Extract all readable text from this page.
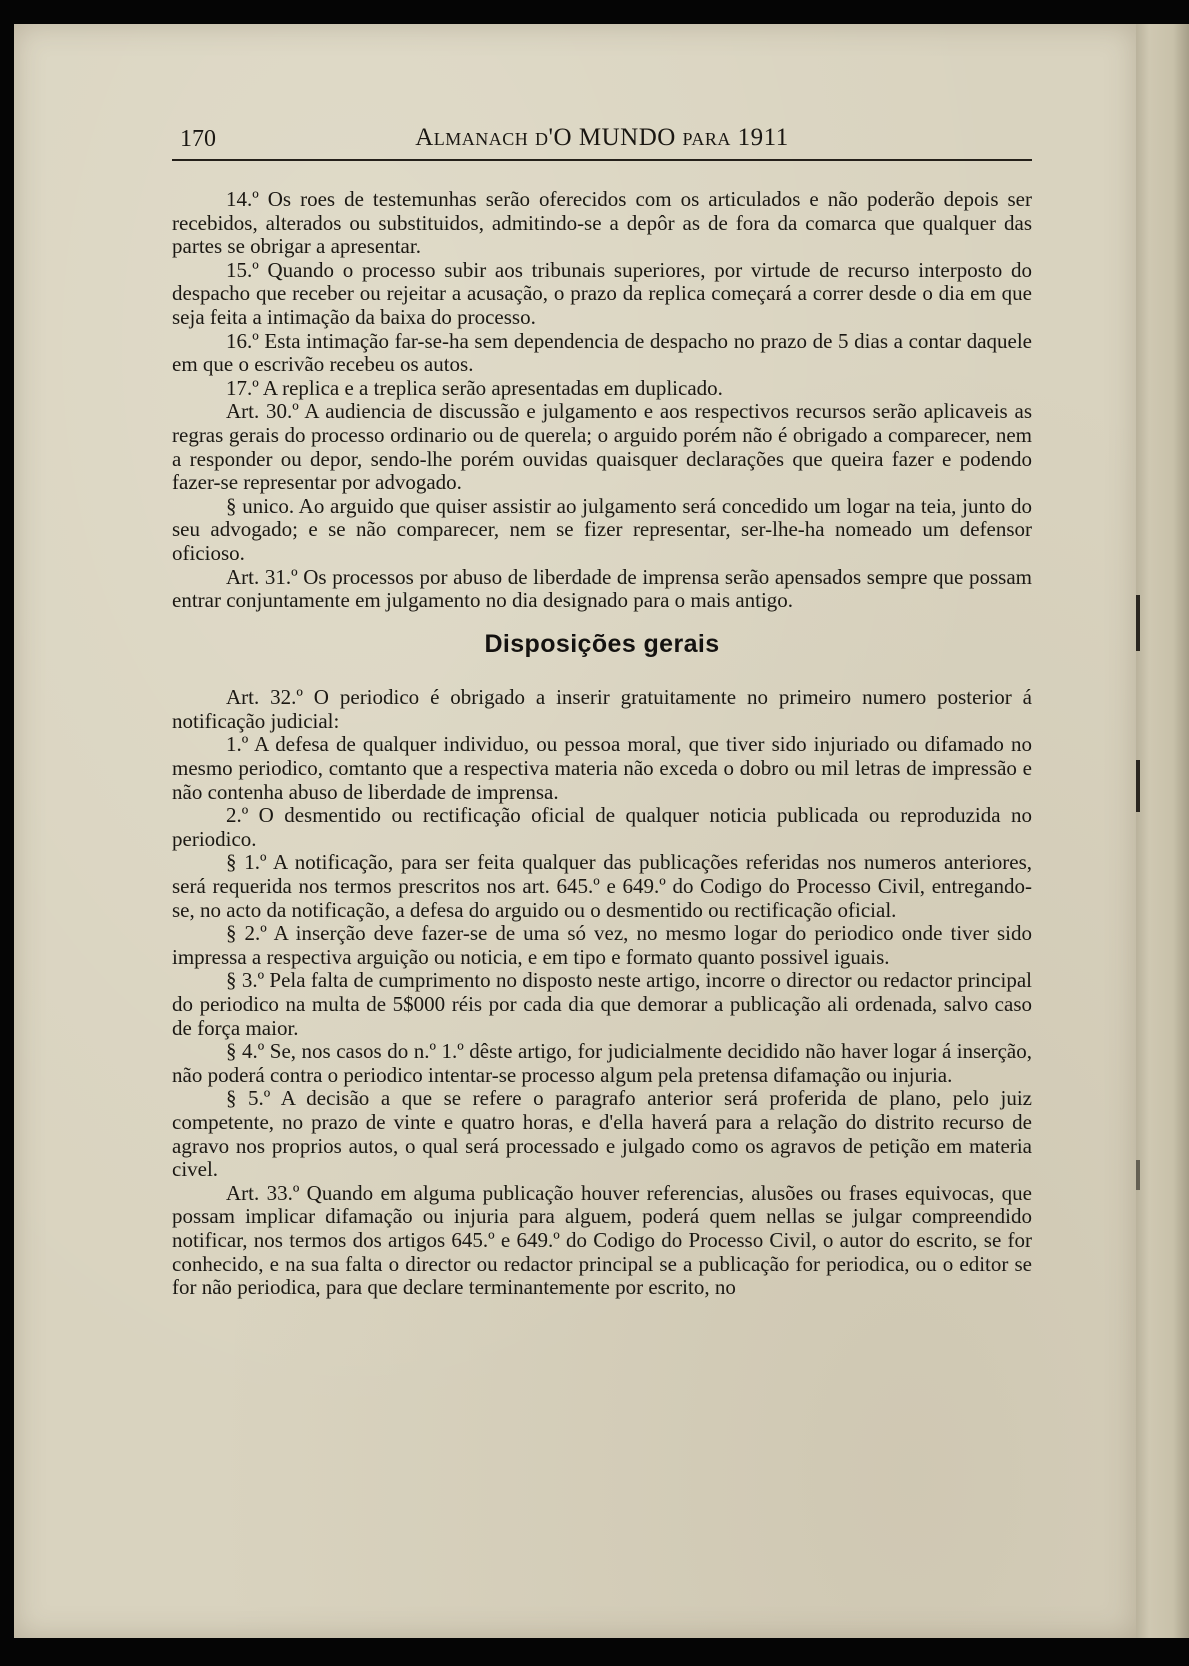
170	Almanach d'O MUNDO para 1911

14.º Os roes de testemunhas serão oferecidos com os articulados e não poderão depois ser recebidos, alterados ou substituidos, admitindo-se a depôr as de fora da comarca que qualquer das partes se obrigar a apresentar.

15.º Quando o processo subir aos tribunais superiores, por virtude de recurso interposto do despacho que receber ou rejeitar a acusação, o prazo da replica começará a correr desde o dia em que seja feita a intimação da baixa do processo.

16.º Esta intimação far-se-ha sem dependencia de despacho no prazo de 5 dias a contar daquele em que o escrivão recebeu os autos.

17.º A replica e a treplica serão apresentadas em duplicado.

Art. 30.º A audiencia de discussão e julgamento e aos respectivos recursos serão aplicaveis as regras gerais do processo ordinario ou de querela; o arguido porém não é obrigado a comparecer, nem a responder ou depor, sendo-lhe porém ouvidas quaisquer declarações que queira fazer e podendo fazer-se representar por advogado.

§ unico. Ao arguido que quiser assistir ao julgamento será concedido um logar na teia, junto do seu advogado; e se não comparecer, nem se fizer representar, ser-lhe-ha nomeado um defensor oficioso.

Art. 31.º Os processos por abuso de liberdade de imprensa serão apensados sempre que possam entrar conjuntamente em julgamento no dia designado para o mais antigo.

Disposições gerais

Art. 32.º O periodico é obrigado a inserir gratuitamente no primeiro numero posterior á notificação judicial:

1.º A defesa de qualquer individuo, ou pessoa moral, que tiver sido injuriado ou difamado no mesmo periodico, comtanto que a respectiva materia não exceda o dobro ou mil letras de impressão e não contenha abuso de liberdade de imprensa.

2.º O desmentido ou rectificação oficial de qualquer noticia publicada ou reproduzida no periodico.

§ 1.º A notificação, para ser feita qualquer das publicações referidas nos numeros anteriores, será requerida nos termos prescritos nos art. 645.º e 649.º do Codigo do Processo Civil, entregando-se, no acto da notificação, a defesa do arguido ou o desmentido ou rectificação oficial.

§ 2.º A inserção deve fazer-se de uma só vez, no mesmo logar do periodico onde tiver sido impressa a respectiva arguição ou noticia, e em tipo e formato quanto possivel iguais.

§ 3.º Pela falta de cumprimento no disposto neste artigo, incorre o director ou redactor principal do periodico na multa de 5$000 réis por cada dia que demorar a publicação ali ordenada, salvo caso de força maior.

§ 4.º Se, nos casos do n.º 1.º dêste artigo, for judicialmente decidido não haver logar á inserção, não poderá contra o periodico intentar-se processo algum pela pretensa difamação ou injuria.

§ 5.º A decisão a que se refere o paragrafo anterior será proferida de plano, pelo juiz competente, no prazo de vinte e quatro horas, e d'ella haverá para a relação do distrito recurso de agravo nos proprios autos, o qual será processado e julgado como os agravos de petição em materia civel.

Art. 33.º Quando em alguma publicação houver referencias, alusões ou frases equivocas, que possam implicar difamação ou injuria para alguem, poderá quem nellas se julgar compreendido notificar, nos termos dos artigos 645.º e 649.º do Codigo do Processo Civil, o autor do escrito, se for conhecido, e na sua falta o director ou redactor principal se a publicação for periodica, ou o editor se for não periodica, para que declare terminantemente por escrito, no
